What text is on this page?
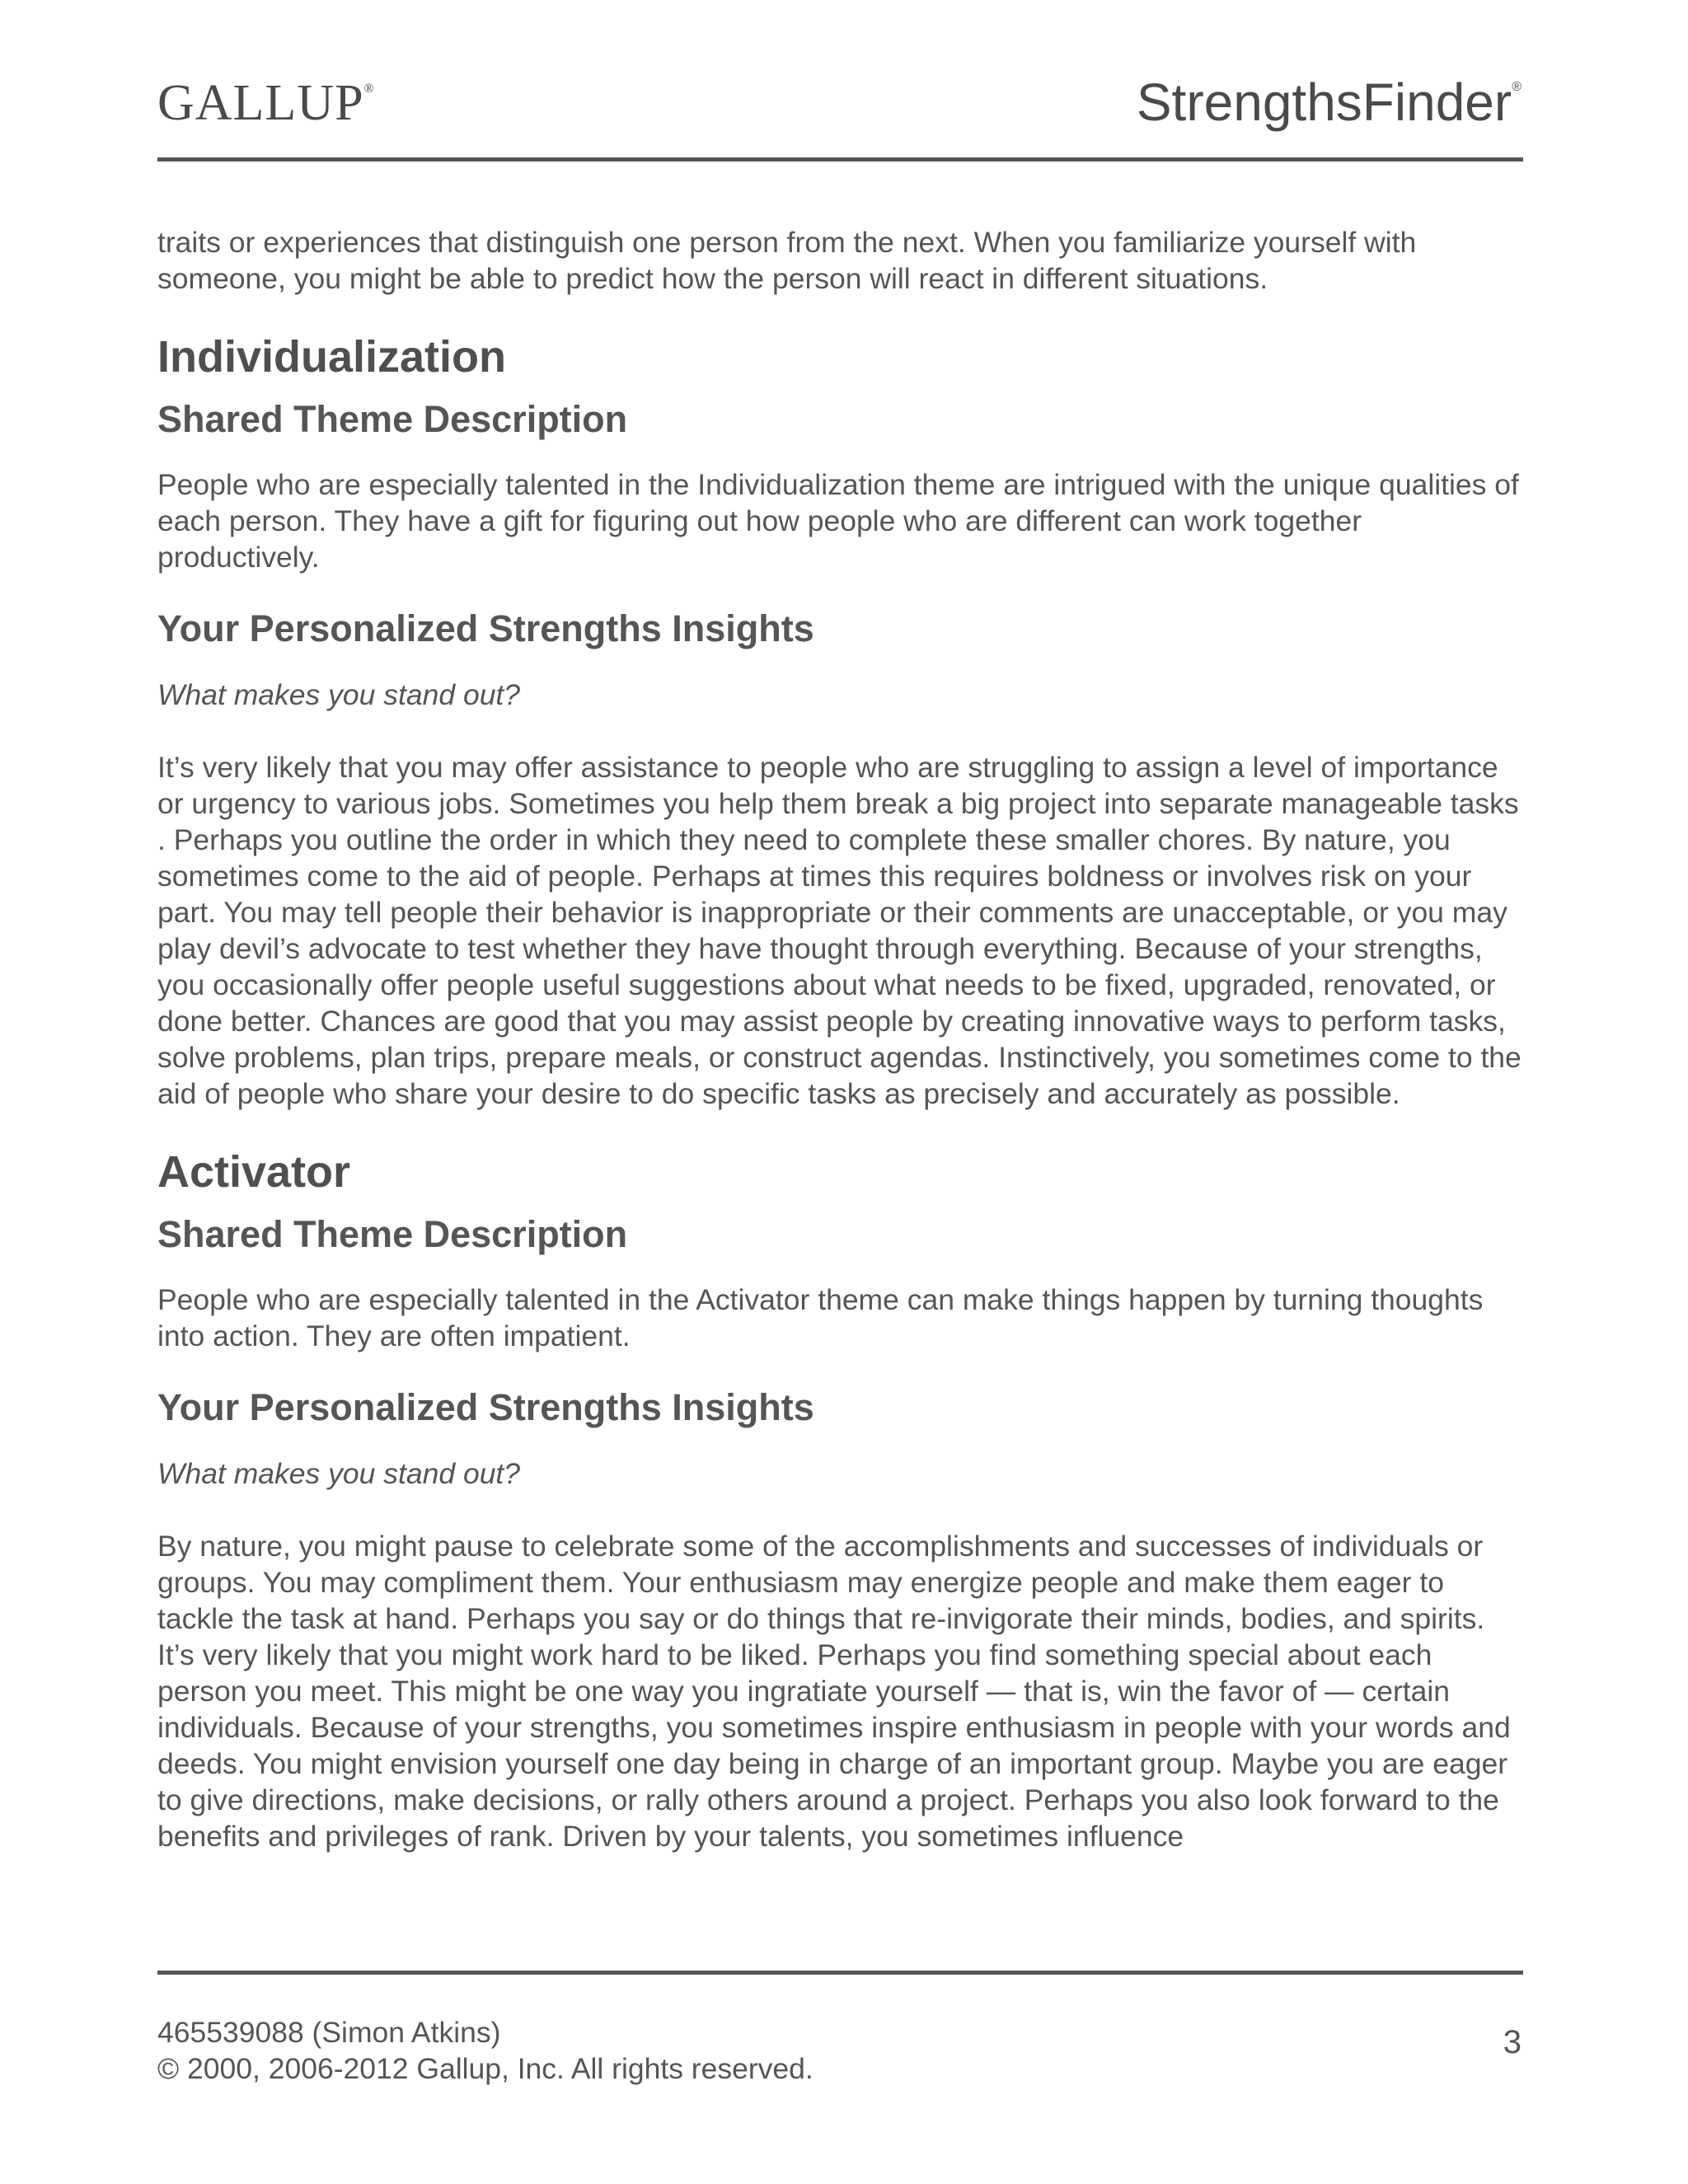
GALLUP®	StrengthsFinder®

traits or experiences that distinguish one person from the next. When you familiarize yourself with someone, you might be able to predict how the person will react in different situations.

Individualization
Shared Theme Description

People who are especially talented in the Individualization theme are intrigued with the unique qualities of each person. They have a gift for figuring out how people who are different can work together productively.

Your Personalized Strengths Insights

What makes you stand out?

It’s very likely that you may offer assistance to people who are struggling to assign a level of importance or urgency to various jobs. Sometimes you help them break a big project into separate manageable tasks . Perhaps you outline the order in which they need to complete these smaller chores. By nature, you sometimes come to the aid of people. Perhaps at times this requires boldness or involves risk on your part. You may tell people their behavior is inappropriate or their comments are unacceptable, or you may play devil’s advocate to test whether they have thought through everything. Because of your strengths, you occasionally offer people useful suggestions about what needs to be fixed, upgraded, renovated, or done better. Chances are good that you may assist people by creating innovative ways to perform tasks, solve problems, plan trips, prepare meals, or construct agendas. Instinctively, you sometimes come to the aid of people who share your desire to do specific tasks as precisely and accurately as possible.

Activator
Shared Theme Description

People who are especially talented in the Activator theme can make things happen by turning thoughts into action. They are often impatient.

Your Personalized Strengths Insights

What makes you stand out?

By nature, you might pause to celebrate some of the accomplishments and successes of individuals or groups. You may compliment them. Your enthusiasm may energize people and make them eager to tackle the task at hand. Perhaps you say or do things that re-invigorate their minds, bodies, and spirits. It’s very likely that you might work hard to be liked. Perhaps you find something special about each person you meet. This might be one way you ingratiate yourself — that is, win the favor of — certain individuals. Because of your strengths, you sometimes inspire enthusiasm in people with your words and deeds. You might envision yourself one day being in charge of an important group. Maybe you are eager to give directions, make decisions, or rally others around a project. Perhaps you also look forward to the benefits and privileges of rank. Driven by your talents, you sometimes influence

465539088 (Simon Atkins)

© 2000, 2006-2012 Gallup, Inc. All rights reserved.

3
